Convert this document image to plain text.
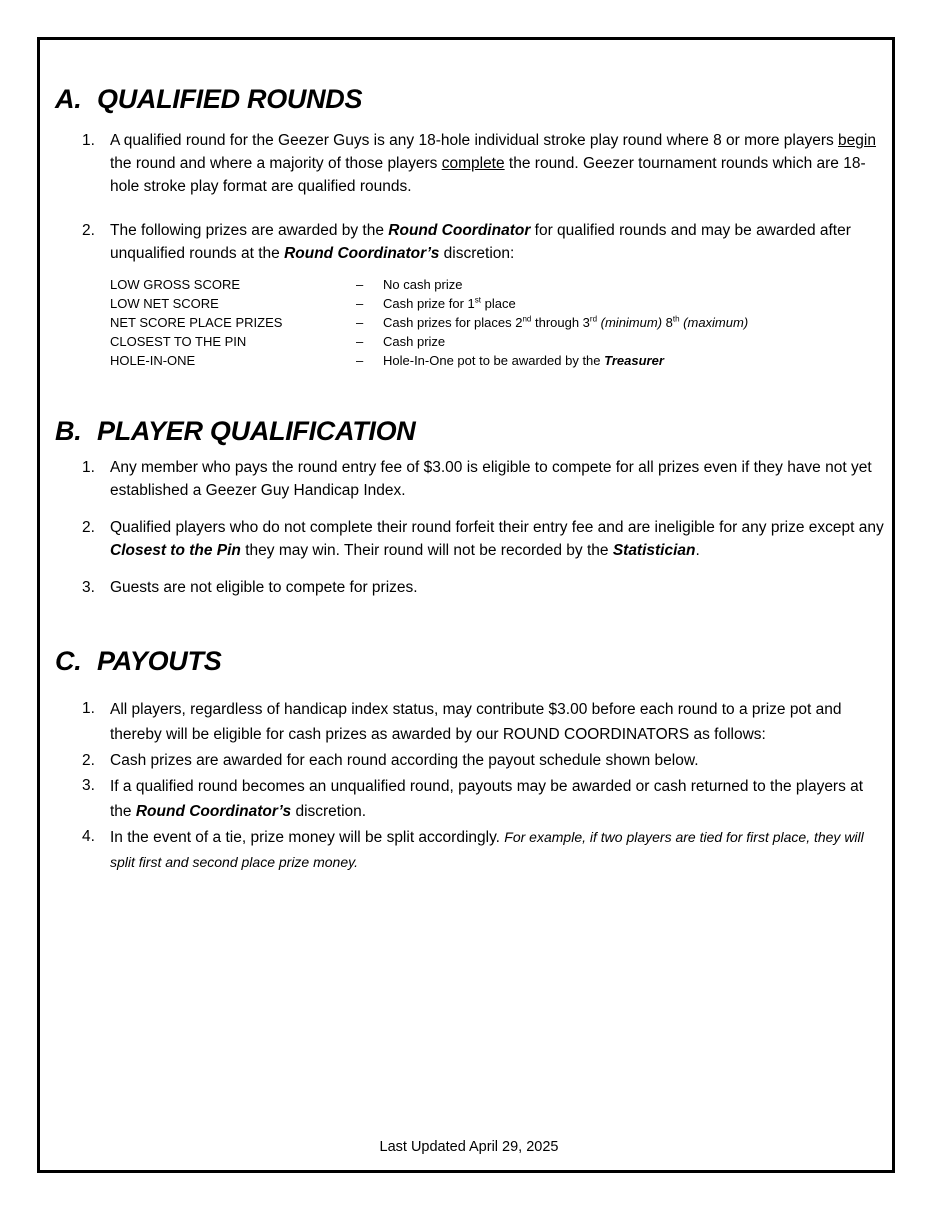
A. QUALIFIED ROUNDS
1. A qualified round for the Geezer Guys is any 18-hole individual stroke play round where 8 or more players begin the round and where a majority of those players complete the round. Geezer tournament rounds which are 18-hole stroke play format are qualified rounds.
2. The following prizes are awarded by the Round Coordinator for qualified rounds and may be awarded after unqualified rounds at the Round Coordinator’s discretion:
LOW GROSS SCORE	– No cash prize
LOW NET SCORE	– Cash prize for 1st place
NET SCORE PLACE PRIZES	– Cash prizes for places 2nd through 3rd (minimum) 8th (maximum)
CLOSEST TO THE PIN	– Cash prize
HOLE-IN-ONE	– Hole-In-One pot to be awarded by the Treasurer
B. PLAYER QUALIFICATION
1. Any member who pays the round entry fee of $3.00 is eligible to compete for all prizes even if they have not yet established a Geezer Guy Handicap Index.
2. Qualified players who do not complete their round forfeit their entry fee and are ineligible for any prize except any Closest to the Pin they may win. Their round will not be recorded by the Statistician.
3. Guests are not eligible to compete for prizes.
C. PAYOUTS
1. All players, regardless of handicap index status, may contribute $3.00 before each round to a prize pot and thereby will be eligible for cash prizes as awarded by our ROUND COORDINATORS as follows:
2. Cash prizes are awarded for each round according the payout schedule shown below.
3. If a qualified round becomes an unqualified round, payouts may be awarded or cash returned to the players at the Round Coordinator’s discretion.
4. In the event of a tie, prize money will be split accordingly. For example, if two players are tied for first place, they will split first and second place prize money.
Last Updated April 29, 2025
